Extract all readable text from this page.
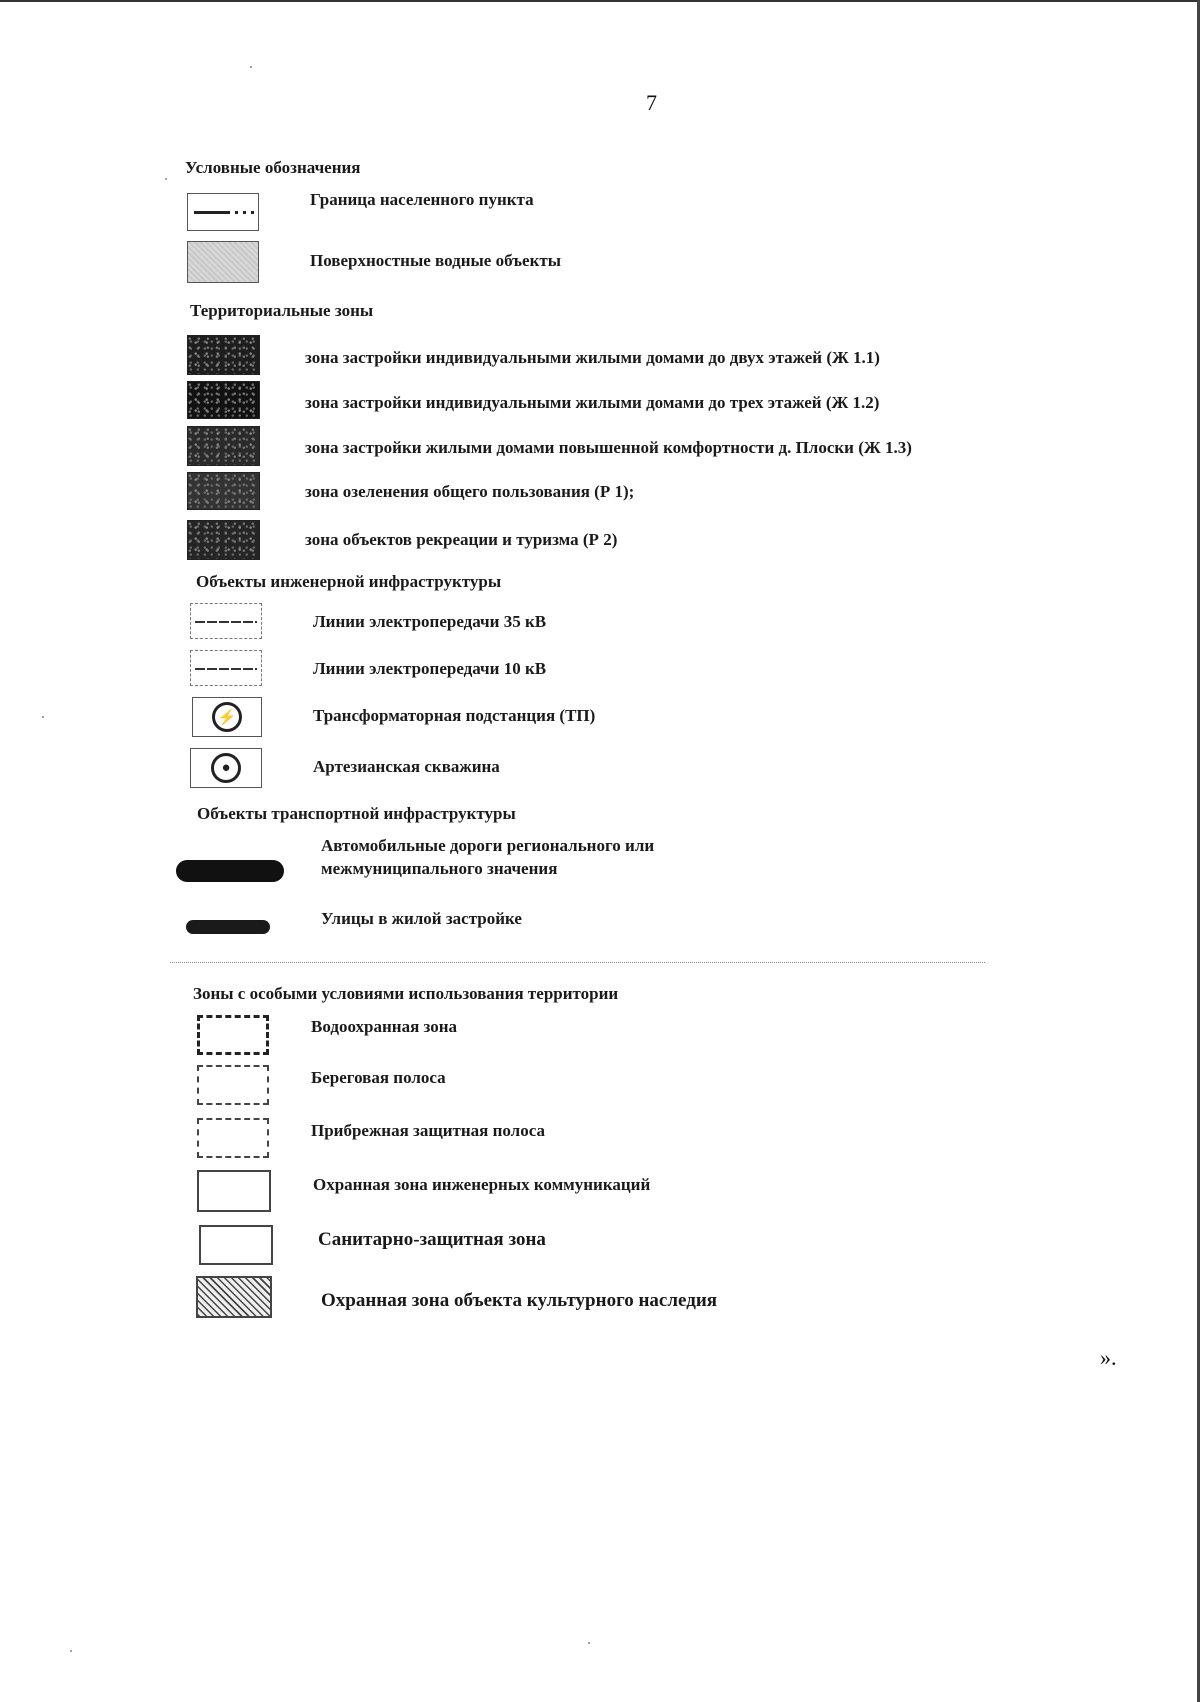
7
Условные обозначения
Граница населенного пункта
Поверхностные водные объекты
Территориальные зоны
зона застройки индивидуальными жилыми домами до двух этажей (Ж 1.1)
зона застройки индивидуальными жилыми домами до трех этажей (Ж 1.2)
зона застройки жилыми домами повышенной комфортности д. Плоски (Ж 1.3)
зона озеленения общего пользования (Р 1);
зона объектов рекреации и туризма (Р 2)
Объекты инженерной инфраструктуры
Линии электропередачи 35 кВ
Линии электропередачи 10 кВ
⚡	Трансформаторная подстанция (ТП)
●	Артезианская скважина
Объекты транспортной инфраструктуры
Автомобильные дороги регионального или
межмуниципального значения
Улицы в жилой застройке
Зоны с особыми условиями использования территории
Водоохранная зона
Береговая полоса
Прибрежная защитная полоса
Охранная зона инженерных коммуникаций
Санитарно-защитная зона
Охранная зона объекта культурного наследия
».
